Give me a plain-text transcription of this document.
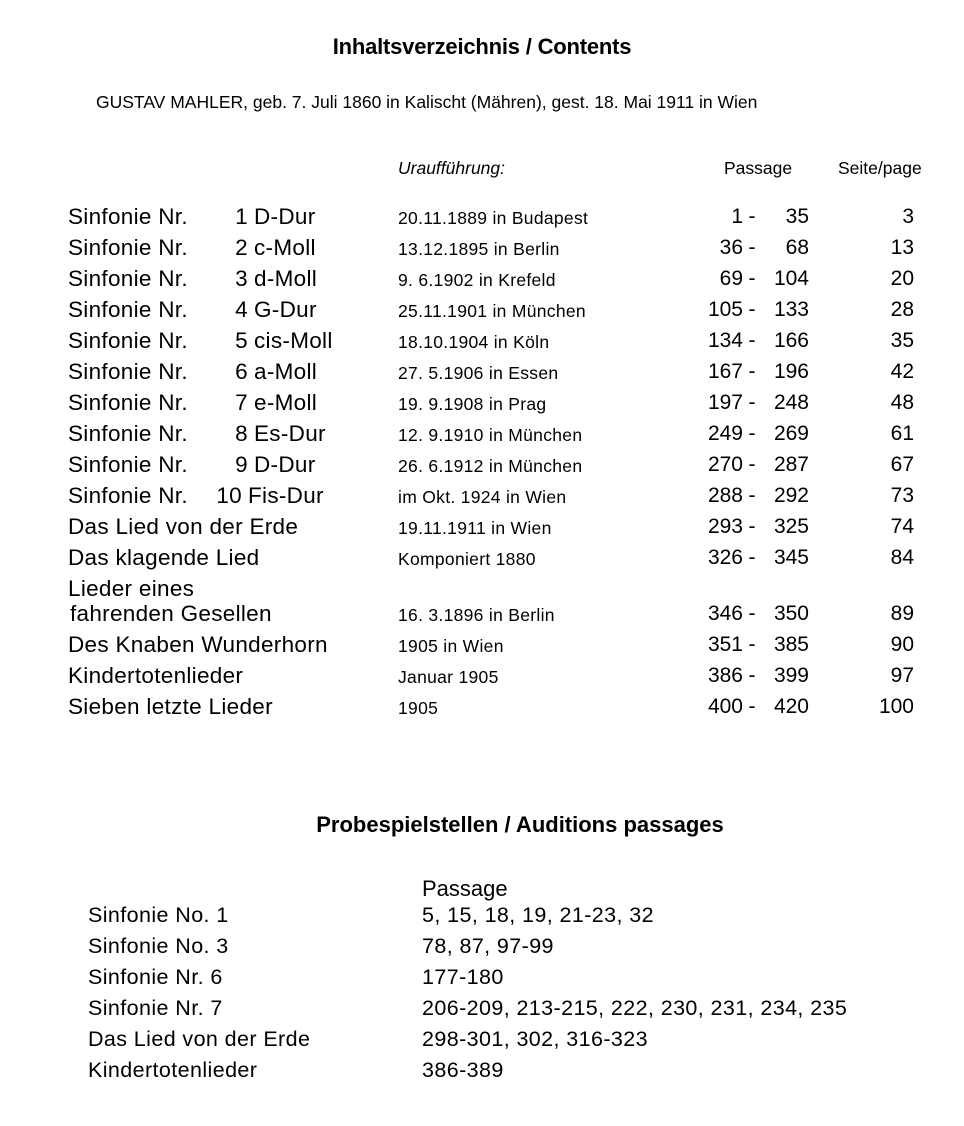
Inhaltsverzeichnis / Contents
GUSTAV MAHLER, geb. 7. Juli 1860 in Kalischt (Mähren), gest. 18. Mai 1911 in Wien
Uraufführung:	Passage	Seite/page
Sinfonie Nr. 1 D-Dur	20.11.1889 in Budapest	1 - 35	3
Sinfonie Nr. 2 c-Moll	13.12.1895 in Berlin	36 - 68	13
Sinfonie Nr. 3 d-Moll	9. 6.1902 in Krefeld	69 - 104	20
Sinfonie Nr. 4 G-Dur	25.11.1901 in München	105 - 133	28
Sinfonie Nr. 5 cis-Moll	18.10.1904 in Köln	134 - 166	35
Sinfonie Nr. 6 a-Moll	27. 5.1906 in Essen	167 - 196	42
Sinfonie Nr. 7 e-Moll	19. 9.1908 in Prag	197 - 248	48
Sinfonie Nr. 8 Es-Dur	12. 9.1910 in München	249 - 269	61
Sinfonie Nr. 9 D-Dur	26. 6.1912 in München	270 - 287	67
Sinfonie Nr. 10 Fis-Dur	im Okt. 1924 in Wien	288 - 292	73
Das Lied von der Erde	19.11.1911 in Wien	293 - 325	74
Das klagende Lied	Komponiert 1880	326 - 345	84
Lieder eines
fahrenden Gesellen	16. 3.1896 in Berlin	346 - 350	89
Des Knaben Wunderhorn	1905 in Wien	351 - 385	90
Kindertotenlieder	Januar 1905	386 - 399	97
Sieben letzte Lieder	1905	400 - 420	100
Probespielstellen / Auditions passages
Passage
Sinfonie No. 1	5, 15, 18, 19, 21-23, 32
Sinfonie No. 3	78, 87, 97-99
Sinfonie Nr. 6	177-180
Sinfonie Nr. 7	206-209, 213-215, 222, 230, 231, 234, 235
Das Lied von der Erde	298-301, 302, 316-323
Kindertotenlieder	386-389
